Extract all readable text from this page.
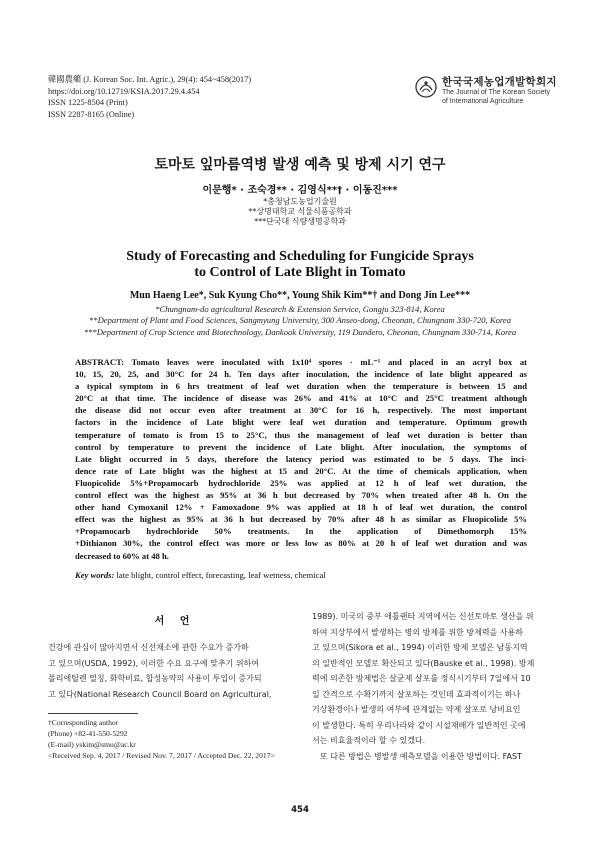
韓國農藥 (J. Korean Soc. Int. Agric.), 29(4): 454~458(2017)
https://doi.org/10.12719/KSIA.2017.29.4.454
ISSN 1225-8504 (Print)
ISSN 2287-8165 (Online)
한국국제농업개발학회지
The Journal of The Korean Society
of International Agriculture
토마토 잎마름역병 발생 예측 및 방제 시기 연구
이문행* · 조숙경** · 김영식**† · 이동진***
*충청남도농업기술원
**상명대학교 식물식품공학과
***단국대 식량생명공학과
Study of Forecasting and Scheduling for Fungicide Sprays
to Control of Late Blight in Tomato
Mun Haeng Lee*, Suk Kyung Cho**, Young Shik Kim**† and Dong Jin Lee***
*Chungnam-do agricultural Research & Extension Service, Gongju 323-814, Korea
**Department of Plant and Food Sciences, Sangmyung University, 300 Anseo-dong, Cheonan, Chungnam 330-720, Korea
***Department of Crop Science and Biotechnology, Dankook University, 119 Dandero, Cheonan, Chungnam 330-714, Korea
ABSTRACT: Tomato leaves were inoculated with 1x10⁴ spores · mL⁻¹ and placed in an acryl box at
10, 15, 20, 25, and 30°C for 24 h. Ten days after inoculation, the incidence of late blight appeared as
a typical symptom in 6 hrs treatment of leaf wet duration when the temperature is between 15 and
20°C at that time. The incidence of disease was 26% and 41% at 10°C and 25°C treatment although
the disease did not occur even after treatment at 30°C for 16 h, respectively. The most important
factors in the incidence of Late blight were leaf wet duration and temperature. Optimum growth
temperature of tomato is from 15 to 25°C, thus the management of leaf wet duration is better than
control by temperature to prevent the incidence of Late blight. After inoculation, the symptoms of
Late blight occurred in 5 days, therefore the latency period was estimated to be 5 days. The inci-
dence rate of Late blight was the highest at 15 and 20°C. At the time of chemicals application, when
Fluopicolide 5%+Propamocarb hydrochloride 25% was applied at 12 h of leaf wet duration, the
control effect was the highest as 95% at 36 h but decreased by 70% when treated after 48 h. On the
other hand Cymoxanil 12% + Famoxadone 9% was applied at 18 h of leaf wet duration, the control
effect was the highest as 95% at 36 h but decreased by 70% after 48 h as similar as Fluopicolide 5%
+Propamocarb hydrochloride 50% treatments. In the application of Dimethomorph 15%
+Dithianon 30%, the control effect was more or less low as 80% at 20 h of leaf wet duration and was
decreased to 60% at 48 h.
Key words: late blight, control effect, forecasting, leaf wetness, chemical
서 언
건강에 관심이 많아지면서 신선채소에 관한 수요가 증가하
고 있으며(USDA, 1992), 이러한 수요 요구에 맞추기 위하여
폴리에틸렌 멀칭, 화학비료, 합성농약의 사용이 투입이 증가되
고 있다(National Research Council Board on Agricultural,
1989). 미국의 중부 애틀랜타 지역에서는 신선토마토 생산을 위
하여 지상부에서 발생하는 병의 방제를 위한 방제력을 사용하
고 있으며(Sikora et al., 1994) 이러한 방제 모델은 남동지역
의 일반적인 모델로 확산되고 있다(Bauske et al., 1998). 방제
력에 의존한 방제법은 살균제 살포를 정식시기부터 7일에서 10
일 간격으로 수확기까지 살포하는 것인데 효과적이기는 하나
기상환경이나 발생의 여부에 관계없는 약제 살포로 낭비요인
이 발생한다. 특히 우리나라와 같이 시설재배가 일반적인 곳에
서는 비효율적이라 할 수 있겠다.
　또 다른 방법은 병발생 예측모델을 이용한 방법이다. FAST
†Corresponding author
(Phone) +82-41-550-5292
(E-mail) yskim@smu@ac.kr
<Received Sep. 4, 2017 / Revised Nov. 7, 2017 / Accepted Dec. 22, 2017>
454
